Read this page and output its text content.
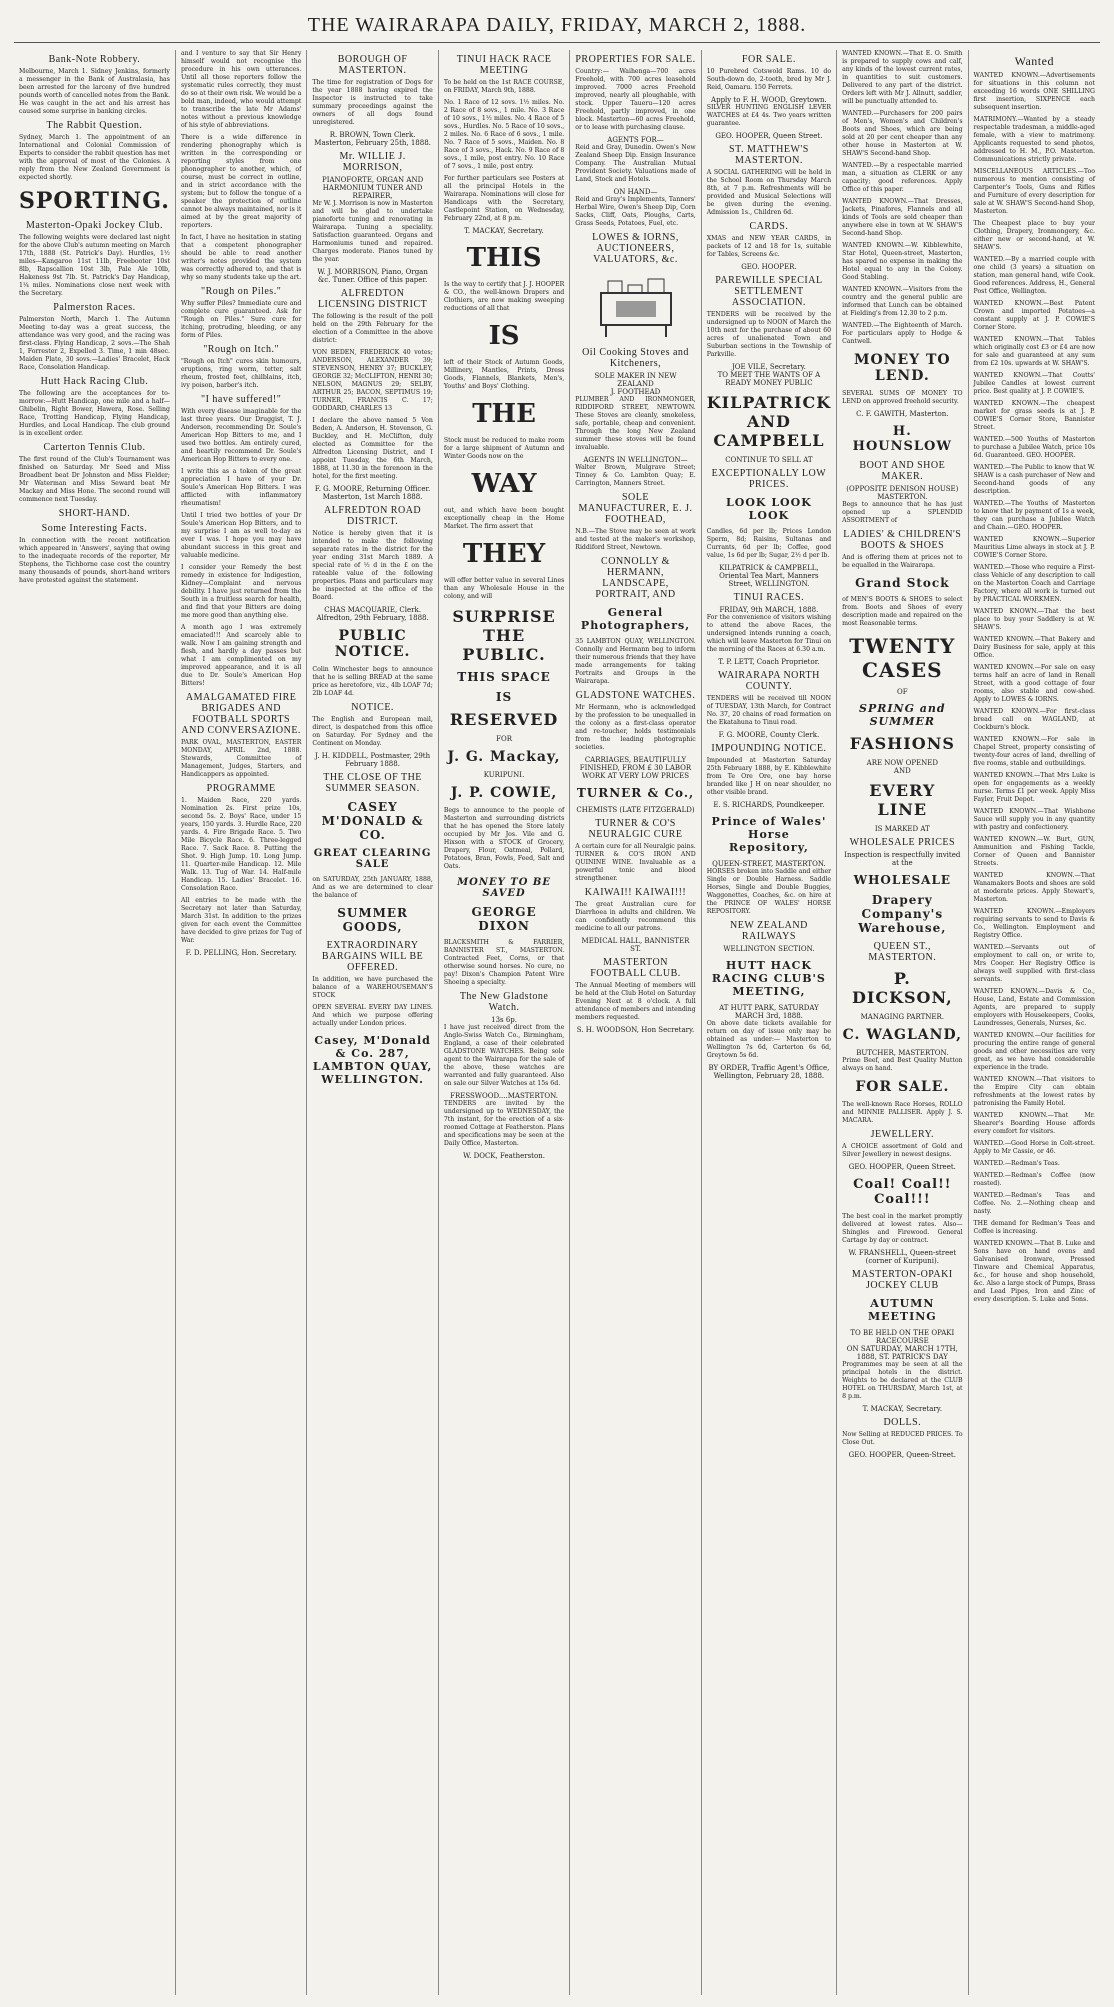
THE WAIRARAPA DAILY, FRIDAY, MARCH 2, 1888.
Bank-Note Robbery.

Melbourne, March 1. Sidney Jenkins, formerly a messenger in the Bank of Australasia, has been arrested for the larceny of five hundred pounds worth of cancelled notes from the Bank. He was caught in the act and his arrest has caused some surprise in banking circles.

The Rabbit Question.

Sydney, March 1. The appointment of an International and Colonial Commission of Experts to consider the rabbit question has met with the approval of most of the Colonies. A reply from the New Zealand Government is expected shortly.

SPORTING.
Masterton-Opaki Jockey Club.

The following weights were declared last night for the above Club's autumn meeting on March 17th, 1888 (St. Patrick's Day). Hurdles, 1½ miles—Kangaroo 11st 11lb, Freebooter 10st 8lb, Rapscallion 10st 3lb, Pale Ale 10lb, Hakeness 9st 7lb. St. Patrick's Day Handicap, 1¼ miles. Nominations close next week with the Secretary.

Palmerston Races.

Palmerston North, March 1. The Autumn Meeting to-day was a great success, the attendance was very good, and the racing was first-class. Flying Handicap, 2 sovs.—The Shah 1, Forrester 2, Expelled 3. Time, 1 min 48sec. Maiden Plate, 30 sovs.—Ladies' Bracelet, Hack Race, Consolation Handicap.

Hutt Hack Racing Club.

The following are the acceptances for to-morrow:—Hutt Handicap, one mile and a half—Ghibelin, Right Bower, Hawera, Rose. Selling Race, Trotting Handicap, Flying Handicap, Hurdles, and Local Handicap. The club ground is in excellent order.

Carterton Tennis Club.

The first round of the Club's Tournament was finished on Saturday. Mr Seed and Miss Broadbent beat Dr Johnston and Miss Fielder; Mr Waterman and Miss Seward beat Mr Mackay and Miss Hone. The second round will commence next Tuesday.

SHORT-HAND.
Some Interesting Facts.

In connection with the recent notification which appeared in 'Answers', saying that owing to the inadequate records of the reporter, Mr Stephens, the Tichborne case cost the country many thousands of pounds, short-hand writers have protested against the statement.

and I venture to say that Sir Henry himself would not recognise the procedure in his own utterances. Until all those reporters follow the systematic rules correctly, they must do so at their own risk. We would be a bold man, indeed, who would attempt to transcribe the late Mr Adams' notes without a previous knowledge of his style of abbreviations.

There is a wide difference in rendering phonography which is written in the corresponding or reporting styles from one phonographer to another, which, of course, must be correct in outline, and in strict accordance with the system; but to follow the tongue of a speaker the protection of outline cannot be always maintained, nor is it aimed at by the great majority of reporters.

In fact, I have no hesitation in stating that a competent phonographer should be able to read another writer's notes provided the system was correctly adhered to, and that is why so many students take up the art.

"Rough on Piles."

Why suffer Piles? Immediate cure and complete cure guaranteed. Ask for "Rough on Piles." Sure cure for itching, protruding, bleeding, or any form of Piles.

"Rough on Itch."

"Rough on Itch" cures skin humours, eruptions, ring worm, tetter, salt rheum, frosted feet, chilblains, itch, ivy poison, barber's itch.

"I have suffered!"

With every disease imaginable for the last three years. Our Druggist, T. J. Anderson, recommending Dr. Soule's American Hop Bitters to me, and I used two bottles. Am entirely cured, and heartily recommend Dr. Soule's American Hop Bitters to every one.

I write this as a token of the great appreciation I have of your Dr. Soule's American Hop Bitters. I was afflicted with inflammatory rheumatism!

Until I tried two bottles of your Dr Soule's American Hop Bitters, and to my surprise I am as well to-day as ever I was. I hope you may have abundant success in this great and valuable medicine.

I consider your Remedy the best remedy in existence for Indigestion, Kidney—Complaint and nervous debility. I have just returned from the South in a fruitless search for health, and find that your Bitters are doing me more good than anything else.

A month ago I was extremely emaciated!!! And scarcely able to walk. Now I am gaining strength and flesh, and hardly a day passes but what I am complimented on my improved appearance, and it is all due to Dr. Soule's American Hop Bitters!

AMALGAMATED FIRE BRIGADES AND FOOTBALL SPORTS AND CONVERSAZIONE.

PARK OVAL, MASTERTON, EASTER MONDAY, APRIL 2nd, 1888. Stewards, Committee of Management, Judges, Starters, and Handicappers as appointed.

PROGRAMME

1. Maiden Race, 220 yards. Nomination 2s. First prize 10s, second 5s. 2. Boys' Race, under 15 years, 150 yards. 3. Hurdle Race, 220 yards. 4. Fire Brigade Race. 5. Two Mile Bicycle Race. 6. Three-legged Race. 7. Sack Race. 8. Putting the Shot. 9. High Jump. 10. Long Jump. 11. Quarter-mile Handicap. 12. Mile Walk. 13. Tug of War. 14. Half-mile Handicap. 15. Ladies' Bracelet. 16. Consolation Race.

All entries to be made with the Secretary not later than Saturday, March 31st. In addition to the prizes given for each event the Committee have decided to give prizes for Tug of War.

F. D. PELLING, Hon. Secretary.
BOROUGH OF MASTERTON.

The time for registration of Dogs for the year 1888 having expired the Inspector is instructed to take summary proceedings against the owners of all dogs found unregistered.

R. BROWN, Town Clerk. Masterton, February 25th, 1888.
Mr. WILLIE J. MORRISON,
PIANOFORTE, ORGAN AND HARMONIUM TUNER AND REPAIRER,

Mr W. J. Morrison is now in Masterton and will be glad to undertake pianoforte tuning and renovating in Wairarapa. Tuning a speciality. Satisfaction guaranteed. Organs and Harmoniums tuned and repaired. Charges moderate. Pianos tuned by the year.

W. J. MORRISON, Piano, Organ &c. Tuner. Office of this paper.
ALFREDTON LICENSING DISTRICT

The following is the result of the poll held on the 29th February for the election of a Committee in the above district:

VON BEDEN, FREDERICK 40 votes; ANDERSON, ALEXANDER 39; STEVENSON, HENRY 37; BUCKLEY, GEORGE 32; McCLIFTON, HENRI 30; NELSON, MAGNUS 29; SELBY, ARTHUR 25; BACON, SEPTIMUS 19; TURNER, FRANCIS C. 17; GODDARD, CHARLES 13

I declare the above named 5 Von Beden, A. Anderson, H. Stevenson, G. Buckley, and H. McClifton, duly elected as Committee for the Alfredton Licensing District, and I appoint Tuesday, the 6th March, 1888, at 11.30 in the forenoon in the hotel, for the first meeting.

F. G. MOORE, Returning Officer. Masterton, 1st March 1888.
ALFREDTON ROAD DISTRICT.

Notice is hereby given that it is intended to make the following separate rates in the district for the year ending 31st March 1889. A special rate of ½ d in the £ on the rateable value of the following properties. Plans and particulars may be inspected at the office of the Board.

CHAS MACQUARIE, Clerk. Alfredton, 29th February, 1888.
PUBLIC NOTICE.

Colin Winchester begs to announce that he is selling BREAD at the same price as heretofore, viz., 4lb LOAF 7d; 2lb LOAF 4d.

NOTICE.

The English and European mail, direct, is despatched from this office on Saturday. For Sydney and the Continent on Monday.

J. H. KIDDELL, Postmaster, 29th February 1888.
THE CLOSE OF THE SUMMER SEASON.
CASEY M'DONALD & CO.
GREAT CLEARING SALE

on SATURDAY, 25th JANUARY, 1888, And as we are determined to clear the balance of

SUMMER GOODS,
EXTRAORDINARY BARGAINS WILL BE OFFERED.

In addition, we have purchased the balance of a WAREHOUSEMAN'S STOCK

OPEN SEVERAL EVERY DAY LINES. And which we purpose offering actually under London prices.

Casey, M'Donald & Co. 287, LAMBTON QUAY, WELLINGTON.
TINUI HACK RACE MEETING

To be held on the 1st RACE COURSE, on FRIDAY, March 9th, 1888.

No. 1 Race of 12 sovs. 1½ miles. No. 2 Race of 8 sovs., 1 mile. No. 3 Race of 10 sovs., 1½ miles. No. 4 Race of 5 sovs., Hurdles. No. 5 Race of 10 sovs., 2 miles. No. 6 Race of 6 sovs., 1 mile. No. 7 Race of 5 sovs., Maiden. No. 8 Race of 3 sovs., Hack. No. 9 Race of 8 sovs., 1 mile, post entry. No. 10 Race of 7 sovs., 1 mile, post entry.

For further particulars see Posters at all the principal Hotels in the Wairarapa. Nominations will close for Handicaps with the Secretary, Castlepoint Station, on Wednesday, February 22nd, at 8 p.m.

T. MACKAY, Secretary.
THIS

Is the way to certify that J. J. HOOPER & CO., the well-known Drapers and Clothiers, are now making sweeping reductions of all that

IS

left of their Stock of Autumn Goods, Millinery, Mantles, Prints, Dress Goods, Flannels, Blankets, Men's, Youths' and Boys' Clothing.

THE

Stock must be reduced to make room for a large shipment of Autumn and Winter Goods now on the

WAY

out, and which have been bought exceptionally cheap in the Home Market. The firm assert that

THEY

will offer better value in several Lines than any Wholesale House in the colony, and will

SURPRISE THE PUBLIC.
THIS SPACE
IS
RESERVED
FOR
J. G. Mackay,
KURIPUNI.
J. P. COWIE,

Begs to announce to the people of Masterton and surrounding districts that he has opened the Store lately occupied by Mr Jos. Vile and G. Hixson with a STOCK of Grocery, Drapery, Flour, Oatmeal, Pollard, Potatoes, Bran, Fowls, Feed, Salt and Oats.

MONEY TO BE SAVED
GEORGE DIXON

BLACKSMITH & FARRIER, BANNISTER ST., MASTERTON. Contracted Feet, Corns, or that otherwise sound horses. No cure, no pay! Dixon's Champion Patent Wire Shoeing a specialty.

The New Gladstone Watch.
13s 6p.

I have just received direct from the Anglo-Swiss Watch Co., Birmingham, England, a case of their celebrated GLADSTONE WATCHES. Being sole agent to the Wairarapa for the sale of the above, these watches are warranted and fully guaranteed. Also on sale our Silver Watches at 15s 6d.

FRESSWOOD....MASTERTON.

TENDERS are invited by the undersigned up to WEDNESDAY, the 7th instant, for the erection of a six-roomed Cottage at Featherston. Plans and specifications may be seen at the Daily Office, Masterton.

W. DOCK, Featherston.
PROPERTIES FOR SALE.

Country:— Waihenga—700 acres Freehold, with 700 acres leasehold improved. 7000 acres Freehold improved, nearly all ploughable, with stock. Upper Taueru—120 acres Freehold, partly improved, in one block. Masterton—60 acres Freehold, or to lease with purchasing clause.

AGENTS FOR—

Reid and Gray, Dunedin. Owen's New Zealand Sheep Dip. Ensign Insurance Company. The Australian Mutual Provident Society. Valuations made of Land, Stock and Hotels.

ON HAND—

Reid and Gray's Implements, Tanners' Herbal Wire, Owen's Sheep Dip, Corn Sacks, Cliff, Oats, Ploughs, Carts, Grass Seeds, Potatoes, Fuel, etc.

LOWES & IORNS, AUCTIONEERS, VALUATORS, &c.
Oil Cooking Stoves and Kitcheners,
SOLE MAKER IN NEW ZEALAND
J. FOOTHEAD

PLUMBER AND IRONMONGER, RIDDIFORD STREET, NEWTOWN. These Stoves are cleanly, smokeless, safe, portable, cheap and convenient. Through the long New Zealand summer these stoves will be found invaluable.

AGENTS IN WELLINGTON—

Walter Brown, Mulgrave Street; Tinney & Co. Lambton Quay; E. Carrington, Manners Street.

SOLE MANUFACTURER, E. J. FOOTHEAD,

N.B.—The Stove may be seen at work and tested at the maker's workshop, Riddiford Street, Newtown.

CONNOLLY & HERMANN, LANDSCAPE, PORTRAIT, AND
General Photographers,

35 LAMBTON QUAY, WELLINGTON. Connolly and Hermann beg to inform their numerous friends that they have made arrangements for taking Portraits and Groups in the Wairarapa.

GLADSTONE WATCHES.

Mr Hermann, who is acknowledged by the profession to be unequalled in the colony as a first-class operator and re-toucher, holds testimonials from the leading photographic societies.

CARRIAGES, BEAUTIFULLY FINISHED, FROM £ 30 LABOR WORK AT VERY LOW PRICES
TURNER & Co.,
CHEMISTS (LATE FITZGERALD)
TURNER & CO'S NEURALGIC CURE

A certain cure for all Neuralgic pains. TURNER & CO'S IRON AND QUININE WINE. Invaluable as a powerful tonic and blood strengthener.

KAIWAI!! KAIWAI!!!

The great Australian cure for Diarrhoea in adults and children. We can confidently recommend this medicine to all our patrons.

MEDICAL HALL, BANNISTER ST.
MASTERTON FOOTBALL CLUB.

The Annual Meeting of members will be held at the Club Hotel on Saturday Evening Next at 8 o'clock. A full attendance of members and intending members requested.

S. H. WOODSON, Hon Secretary.
FOR SALE.

10 Purebred Cotswold Rams. 10 do South-down do, 2-tooth, bred by Mr J. Reid, Oamaru. 150 Ferrets.

Apply to F. H. WOOD, Greytown.

SILVER HUNTING ENGLISH LEVER WATCHES at £4 4s. Two years written guarantee.

GEO. HOOPER, Queen Street.
ST. MATTHEW'S MASTERTON.

A SOCIAL GATHERING will be held in the School Room on Thursday March 8th, at 7 p.m. Refreshments will be provided and Musical Selections will be given during the evening. Admission 1s., Children 6d.

CARDS.

XMAS and NEW YEAR CARDS, in packets of 12 and 18 for 1s, suitable for Tables, Screens &c.

GEO. HOOPER.
PAREWILLE SPECIAL SETTLEMENT ASSOCIATION.

TENDERS will be received by the undersigned up to NOON of March the 10th next for the purchase of about 60 acres of unalienated Town and Suburban sections in the Township of Parkville.

JOE VILE, Secretary.
TO MEET THE WANTS OF A READY MONEY PUBLIC
KILPATRICK AND CAMPBELL
CONTINUE TO SELL AT
EXCEPTIONALLY LOW PRICES.
LOOK LOOK LOOK

Candles, 6d per lb; Prices London Sperm, 8d; Raisins, Sultanas and Currants, 6d per lb; Coffee, good value, 1s 6d per lb; Sugar, 2½ d per lb.

KILPATRICK & CAMPBELL, Oriental Tea Mart, Manners Street, WELLINGTON.
TINUI RACES.
FRIDAY, 9th MARCH, 1888.

For the convenience of visitors wishing to attend the above Races, the undersigned intends running a coach, which will leave Masterton for Tinui on the morning of the Races at 6.30 a.m.

T. P. LETT, Coach Proprietor.
WAIRARAPA NORTH COUNTY.

TENDERS will be received till NOON of TUESDAY, 13th March, for Contract No. 37, 20 chains of road formation on the Ekatahuna to Tinui road.

F. G. MOORE, County Clerk.
IMPOUNDING NOTICE.

Impounded at Masterton Saturday 25th February 1888, by E. Kibblewhite from Te Ore Ore, one bay horse branded like J H on near shoulder, no other visible brand.

E. S. RICHARDS, Poundkeeper.
Prince of Wales' Horse Repository,
QUEEN-STREET, MASTERTON.

HORSES broken into Saddle and either Single or Double Harness. Saddle Horses, Single and Double Buggies, Waggonettes, Coaches, &c. on hire at the PRINCE OF WALES' HORSE REPOSITORY.

NEW ZEALAND RAILWAYS
WELLINGTON SECTION.
HUTT HACK RACING CLUB'S MEETING,
AT HUTT PARK, SATURDAY MARCH 3rd, 1888.

On above date tickets available for return on day of issue only may be obtained as under:— Masterton to Wellington 7s 6d, Carterton 6s 6d, Greytown 5s 6d.

BY ORDER, Traffic Agent's Office, Wellington, February 28, 1888.

WANTED KNOWN.—That E. O. Smith is prepared to supply cows and calf, any kinds of the lowest current rates, in quantities to suit customers. Delivered to any part of the district. Orders left with Mr J. Allnutt, saddler, will be punctually attended to.

WANTED.—Purchasers for 200 pairs of Men's, Women's and Children's Boots and Shoes, which are being sold at 20 per cent cheaper than any other house in Masterton at W. SHAW'S Second-hand Shop.

WANTED.—By a respectable married man, a situation as CLERK or any capacity; good references. Apply Office of this paper.

WANTED KNOWN.—That Dresses, Jackets, Pinafores, Flannels and all kinds of Tools are sold cheaper than anywhere else in town at W. SHAW'S Second-hand Shop.

WANTED KNOWN.—W. Kibblewhite, Star Hotel, Queen-street, Masterton, has spared no expense in making the Hotel equal to any in the Colony. Good Stabling.

WANTED KNOWN.—Visitors from the country and the general public are informed that Lunch can be obtained at Fielding's from 12.30 to 2 p.m.

WANTED.—The Eighteenth of March. For particulars apply to Hodge & Cantwell.

MONEY TO LEND.

SEVERAL SUMS OF MONEY TO LEND on approved freehold security.

C. F. GAWITH, Masterton.
H. HOUNSLOW
BOOT AND SHOE MAKER.
(OPPOSITE DENISON HOUSE) MASTERTON.

Begs to announce that he has just opened up a SPLENDID ASSORTMENT of

LADIES' & CHILDREN'S BOOTS & SHOES

And is offering them at prices not to be equalled in the Wairarapa.

Grand Stock

of MEN'S BOOTS & SHOES to select from. Boots and Shoes of every description made and repaired on the most Reasonable terms.

TWENTY CASES
OF
SPRING and SUMMER
FASHIONS
ARE NOW OPENED
AND
EVERY LINE
IS MARKED AT
WHOLESALE PRICES
Inspection is respectfully invited at the
WHOLESALE
Drapery Company's Warehouse,
QUEEN ST., MASTERTON.
P. DICKSON,
MANAGING PARTNER.
C. WAGLAND,
BUTCHER, MASTERTON.

Prime Beef, and Best Quality Mutton always on hand.

FOR SALE.

The well-known Race Horses, ROLLO and MINNIE PALLISER. Apply J. S. MACARA.

JEWELLERY.

A CHOICE assortment of Gold and Silver Jewellery in newest designs.

GEO. HOOPER, Queen Street.
Coal! Coal!! Coal!!!

The best coal in the market promptly delivered at lowest rates. Also—Shingles and Firewood. General Cartage by day or contract.

W. FRANSHELL, Queen-street (corner of Kuripuni).
MASTERTON-OPAKI JOCKEY CLUB
AUTUMN MEETING
TO BE HELD ON THE OPAKI RACECOURSE
ON SATURDAY, MARCH 17TH, 1888, ST. PATRICK'S DAY

Programmes may be seen at all the principal hotels in the district. Weights to be declared at the CLUB HOTEL on THURSDAY, March 1st, at 8 p.m.

T. MACKAY, Secretary.
DOLLS.

Now Selling at REDUCED PRICES. To Close Out.

GEO. HOOPER, Queen-Street.
Wanted

WANTED KNOWN.—Advertisements for situations in this column not exceeding 16 words ONE SHILLING first insertion, SIXPENCE each subsequent insertion.

MATRIMONY.—Wanted by a steady respectable tradesman, a middle-aged female, with a view to matrimony. Applicants requested to send photos, addressed to H. M., P.O. Masterton. Communications strictly private.

MISCELLANEOUS ARTICLES.—Too numerous to mention consisting of Carpenter's Tools, Guns and Rifles and Furniture of every description for sale at W. SHAW'S Second-hand Shop, Masterton.

The Cheapest place to buy your Clothing, Drapery, Ironmongery, &c. either new or second-hand, at W. SHAW'S.

WANTED.—By a married couple with one child (3 years) a situation on station, man general hand, wife Cook. Good references. Address, H., General Post Office, Wellington.

WANTED KNOWN.—Best Patent Crown and imported Potatoes—a constant supply at J. P. COWIE'S Corner Store.

WANTED KNOWN.—That Tables which originally cost £3 or £4 are now for sale and guaranteed at any sum from £2 10s. upwards at W. SHAW'S.

WANTED KNOWN.—That Coutts' Jubilee Candles at lowest current price. Best quality at J. P. COWIE'S.

WANTED KNOWN.—The cheapest market for grass seeds is at J. P. COWIE'S Corner Store, Bannister Street.

WANTED.—500 Youths of Masterton to purchase a Jubilee Watch, price 10s 6d. Guaranteed. GEO. HOOPER.

WANTED.—The Public to know that W. SHAW is a cash purchaser of New and Second-hand goods of any description.

WANTED.—The Youths of Masterton to know that by payment of 1s a week, they can purchase a Jubilee Watch and Chain.—GEO. HOOPER.

WANTED KNOWN.—Superior Mauritius Lime always in stock at J. P. COWIE'S Corner Store.

WANTED.—Those who require a First-class Vehicle of any description to call on the Masterton Coach and Carriage Factory, where all work is turned out by PRACTICAL WORKMEN.

WANTED KNOWN.—That the best place to buy your Saddlery is at W. SHAW'S.

WANTED KNOWN.—That Bakery and Dairy Business for sale, apply at this Office.

WANTED KNOWN.—For sale on easy terms half an acre of land in Renall Street, with a good cottage of four rooms, also stable and cow-shed. Apply to LOWES & IORNS.

WANTED KNOWN.—For first-class bread call on WAGLAND, at Cockburn's block.

WANTED KNOWN.—For sale in Chapel Street, property consisting of twenty-four acres of land, dwelling of five rooms, stable and outbuildings.

WANTED KNOWN.—That Mrs Luke is open for engagements as a weekly nurse. Terms £1 per week. Apply Miss Fayler, Fruit Depot.

WANTED KNOWN.—That Wishbone Sauce will supply you in any quantity with pastry and confectionery.

WANTED KNOWN.—W. Burt, GUN, Ammunition and Fishing Tackle, Corner of Queen and Bannister Streets.

WANTED KNOWN.—That Wanamakers Boots and shoes are sold at moderate prices. Apply Stewart's, Masterton.

WANTED KNOWN.—Employers requiring servants to send to Davis & Co., Wellington. Employment and Registry Office.

WANTED.—Servants out of employment to call on, or write to, Mrs Cooper. Her Registry Office is always well supplied with first-class servants.

WANTED KNOWN.—Davis & Co., House, Land, Estate and Commission Agents, are prepared to supply employers with Housekeepers, Cooks, Laundresses, Generals, Nurses, &c.

WANTED KNOWN.—Our facilities for procuring the entire range of general goods and other necessities are very great, as we have had considerable experience in the trade.

WANTED KNOWN.—That visitors to the Empire City can obtain refreshments at the lowest rates by patronising the Family Hotel.

WANTED KNOWN.—That Mr. Shearer's Boarding House affords every comfort for visitors.

WANTED.—Good Horse in Colt-street. Apply to Mr Cassie, or 46.

WANTED.—Redman's Teas.

WANTED.—Redman's Coffee (now roasted).

WANTED.—Redman's Teas and Coffee. No. 2.—Nothing cheap and nasty.

THE demand for Redman's Teas and Coffee is increasing.

WANTED KNOWN.—That B. Luke and Sons have on hand ovens and Galvanised Ironware, Pressed Tinware and Chemical Apparatus, &c., for house and shop household, &c. Also a large stock of Pumps, Brass and Lead Pipes, Iron and Zinc of every description. S. Luke and Sons.
